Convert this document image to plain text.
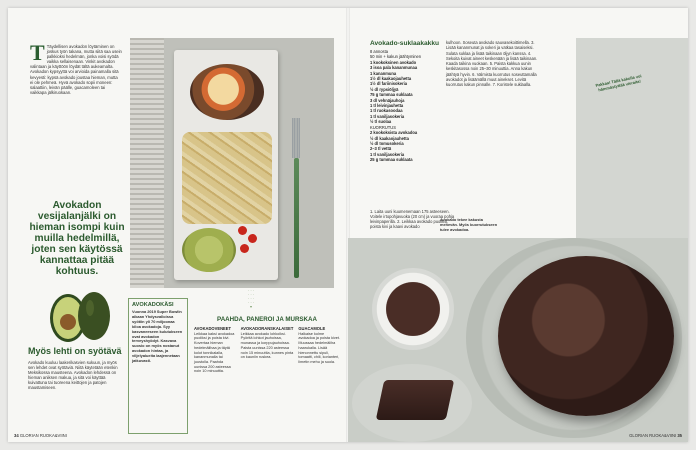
T Täydellisen avokadon löytäminen on joskus työn takana, mutta siitä saa usein palkkioksi hedelmän, jonka voisi syödä vaikka sellaisenaan. Vinkit avokadon valintaan ja käyttöön löydät tältä aukeamalta. Avokadon kypsyyttä voi arvioida painamalla sitä kevyesti: kypsä avokado joustaa hieman, mutta ei ole pehmeä. Hyvä avokado sopii moneen: salaattiin, leivän päälle, guacamoleen tai vaikkapa jälkiruokaan.
Avokadon vesijalanjälki on hieman isompi kuin muilla hedelmillä, joten sen käytössä kannattaa pitää kohtuus.
Myös lehti on syötävä
Avokado kuuluu laakerikasvien sukuun, ja myös sen lehdet ovat syötäviä. Niitä käytetään etenkin Meksikossa mausteena. Avokadon lehdessä on hieman aniksen makua, ja sitä voi käyttää kuivattuna tai tuoreena keittojen ja patojen maustamiseen.
· · ·
· · ·
· · ·
· · ·
▾
AVOKADOKÄSI

Vuonna 2019 Super Bowlin aikaan Yhdysvalloissa syötiin yli 70 miljoonaa kiloa avokadoja. Syy kasvaneeseen kulutukseen ovat avokadon terveyshyödyt. Kasvava suosio on myös nostanut avokadon hintaa, ja viljelyalueita laajennetaan jatkuvasti.

PAAHDA, PANEROI JA MURSKAA
AVOKADOVENEET
Leikkaa kaksi avokadoa puoliksi ja poista kivi. Kovertaa hieman hedelmälihaa ja täytä kolot tonnikalalla, kananmunalla tai juustolla. Paahda uunissa 200 asteessa noin 10 minuuttia.
AVOKADORANSKALAISET
Leikkaa avokado lohkoiksi. Pyöritä lohkot jauhoissa, munassa ja korppujauhoissa. Paista uunissa 220 asteessa noin 15 minuuttia, kunnes pinta on kauniin ruskea.
GUACAMOLE
Halkaise kolme avokadoa ja poista kivet. Muussaa hedelmäliha haarukalla. Lisää hienonnettu sipuli, tomaatti, chili, korianteri, limetin mehu ja suola.
34 GLORIAN RUOKA&VIINI
Avokado-suklaakakku
8 annosta
50 min + kakun jäähtyminen
1 kookoksinen avokado
3 isoa pala kananmunaa
1 kananmuna
1½ dl kaakaojauhetta
1½ dl fariinisokeria
½ dl rypsiöljyä
75 g tummaa suklaata
3 dl vehnäjauhoja
1 tl leivinjauhetta
1 tl ruokasoodaa
1 tl vaniljasokeria
½ tl suolaa
KUORRUTUS
2 kookoksista avokadoa
½ dl kaakaojauhetta
½ dl tomusokeria
2–3 tl vettä
1 tl vaniljasokeria
25 g tummaa suklaata
1. Laita uuni kuumenemaan 175 asteeseen. Voitele irtopohjavuoka (20 cm) ja vuoraa pohja leivinpaperilla. 2. Leikkaa avokado puoliksi, poista kivi ja kaavi avokado
kulhoon. Soseuta avokado sauvasekoittimella. 3. Lisää kananmunat ja sokeri ja vatkaa tasaiseksi. Sulata suklaa ja lisää taikinaan öljyn kanssa. 4. Sekoita kuivat aineet keskenään ja lisää taikinaan. Kaada taikina vuokaan. 5. Paista kakkua uunin keskitasossa noin 25–30 minuuttia. Anna kakun jäähtyä hyvin. 6. Valmista kuorrutus soseuttamalla avokadot ja lisäämällä muut ainekset. Levitä kuorrutus kakun pinnalle. 7. Koristele suklaalla.	Pakkaa! Tällä kakulla voi hämmästyttää vieraita!
Avokado tekee kakusta mehevän. Myös kuorrutukseen tulee avokadoa.
GLORIAN RUOKA&VIINI 35
